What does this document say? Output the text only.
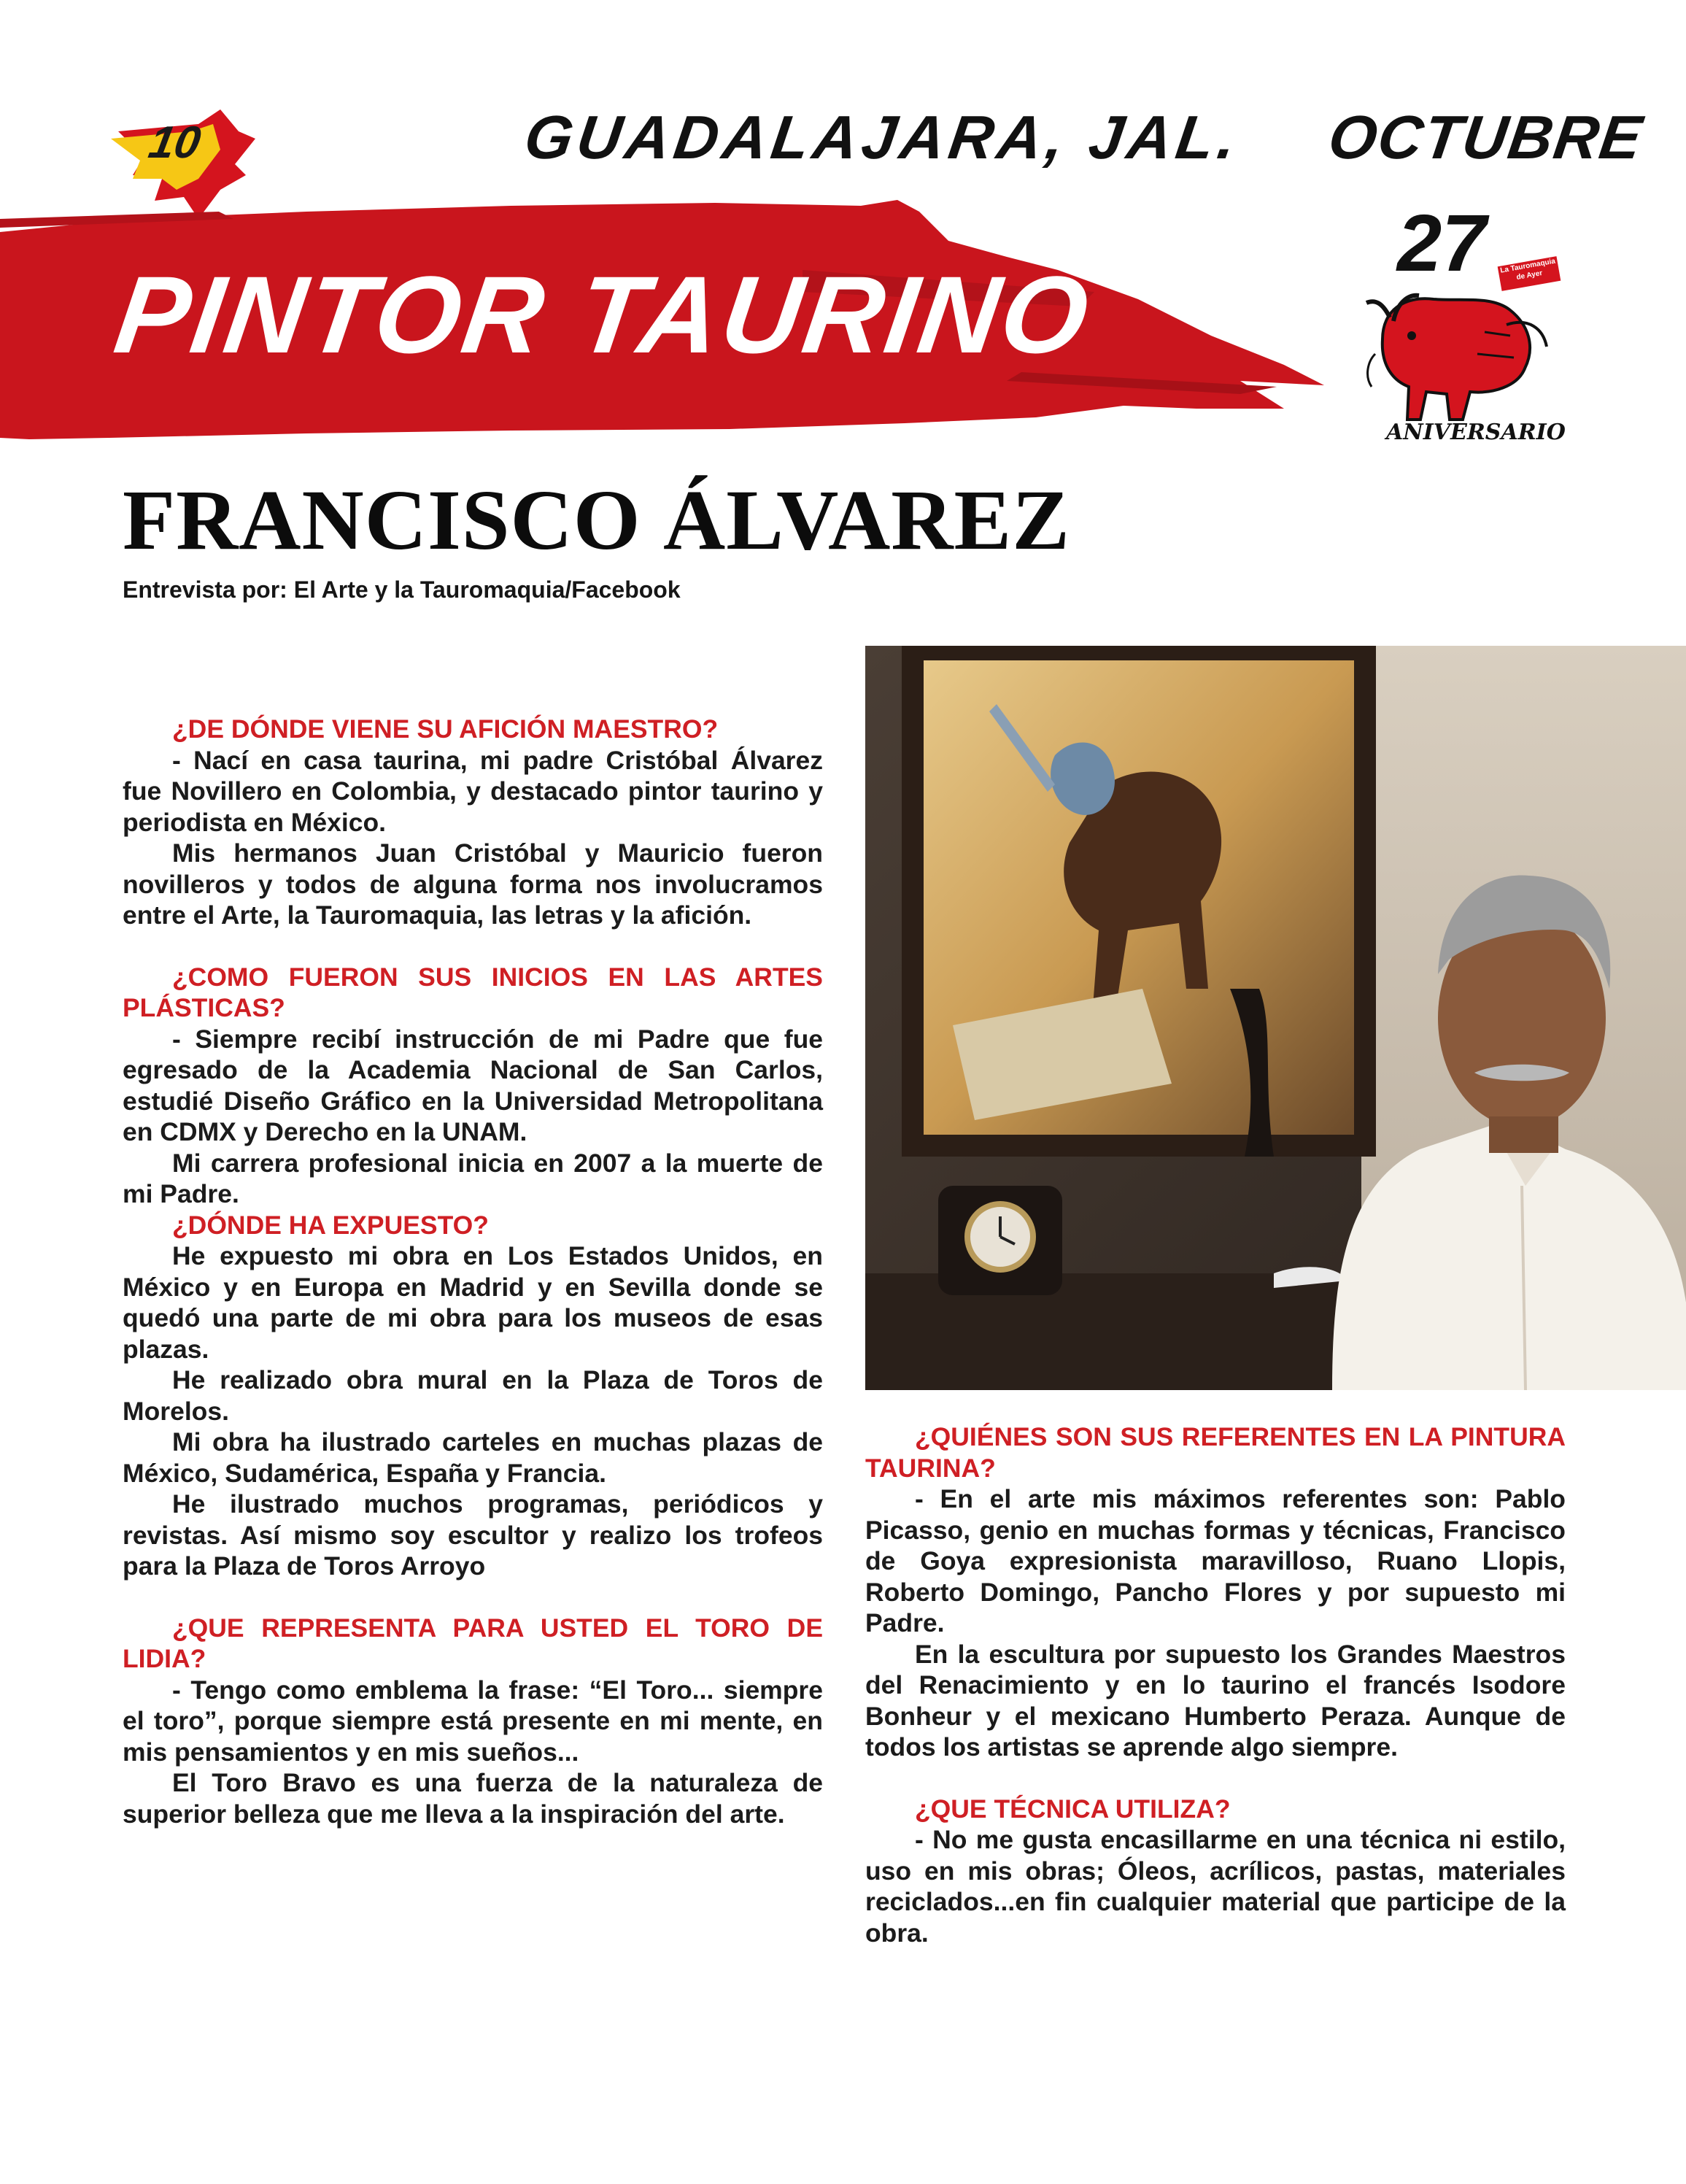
10	GUADALAJARA, JAL. OCTUBRE
PINTOR TAURINO
27 La Tauromaquia de Ayer
ANIVERSARIO
FRANCISCO ÁLVAREZ
Entrevista por: El Arte y la Tauromaquia/Facebook

¿DE DÓNDE VIENE SU AFICIÓN MAESTRO?

- Nací en casa taurina, mi padre Cristóbal Álvarez fue Novillero en Colombia, y destacado pintor taurino y periodista en México.

Mis hermanos Juan Cristóbal y Mauricio fueron novilleros y todos de alguna forma nos involucramos entre el Arte, la Tauromaquia, las letras y la afición.

¿COMO FUERON SUS INICIOS EN LAS ARTES PLÁSTICAS?

- Siempre recibí instrucción de mi Padre que fue egresado de la Academia Nacional de San Carlos, estudié Diseño Gráfico en la Universidad Metropolitana en CDMX y Derecho en la UNAM.

Mi carrera profesional inicia en 2007 a la muerte de mi Padre.

¿DÓNDE HA EXPUESTO?

He expuesto mi obra en Los Estados Unidos, en México y en Europa en Madrid y en Sevilla donde se quedó una parte de mi obra para los museos de esas plazas.

He realizado obra mural en la Plaza de Toros de Morelos.

Mi obra ha ilustrado carteles en muchas plazas de México, Sudamérica, España y Francia.

He ilustrado muchos programas, periódicos y revistas. Así mismo soy escultor y realizo los trofeos para la Plaza de Toros Arroyo

¿QUE REPRESENTA PARA USTED EL TORO DE LIDIA?

- Tengo como emblema la frase: “El Toro... siempre el toro”, porque siempre está presente en mi mente, en mis pensamientos y en mis sueños...

El Toro Bravo es una fuerza de la naturaleza de superior belleza que me lleva a la inspiración del arte.

¿QUIÉNES SON SUS REFERENTES EN LA PINTURA TAURINA?

- En el arte mis máximos referentes son: Pablo Picasso, genio en muchas formas y técnicas, Francisco de Goya expresionista maravilloso, Ruano Llopis, Roberto Domingo, Pancho Flores y por supuesto mi Padre.

En la escultura por supuesto los Grandes Maestros del Renacimiento y en lo taurino el francés Isodore Bonheur y el mexicano Humberto Peraza. Aunque de todos los artistas se aprende algo siempre.

¿QUE TÉCNICA UTILIZA?

- No me gusta encasillarme en una técnica ni estilo, uso en mis obras; Óleos, acrílicos, pastas, materiales reciclados...en fin cualquier material que participe de la obra.
